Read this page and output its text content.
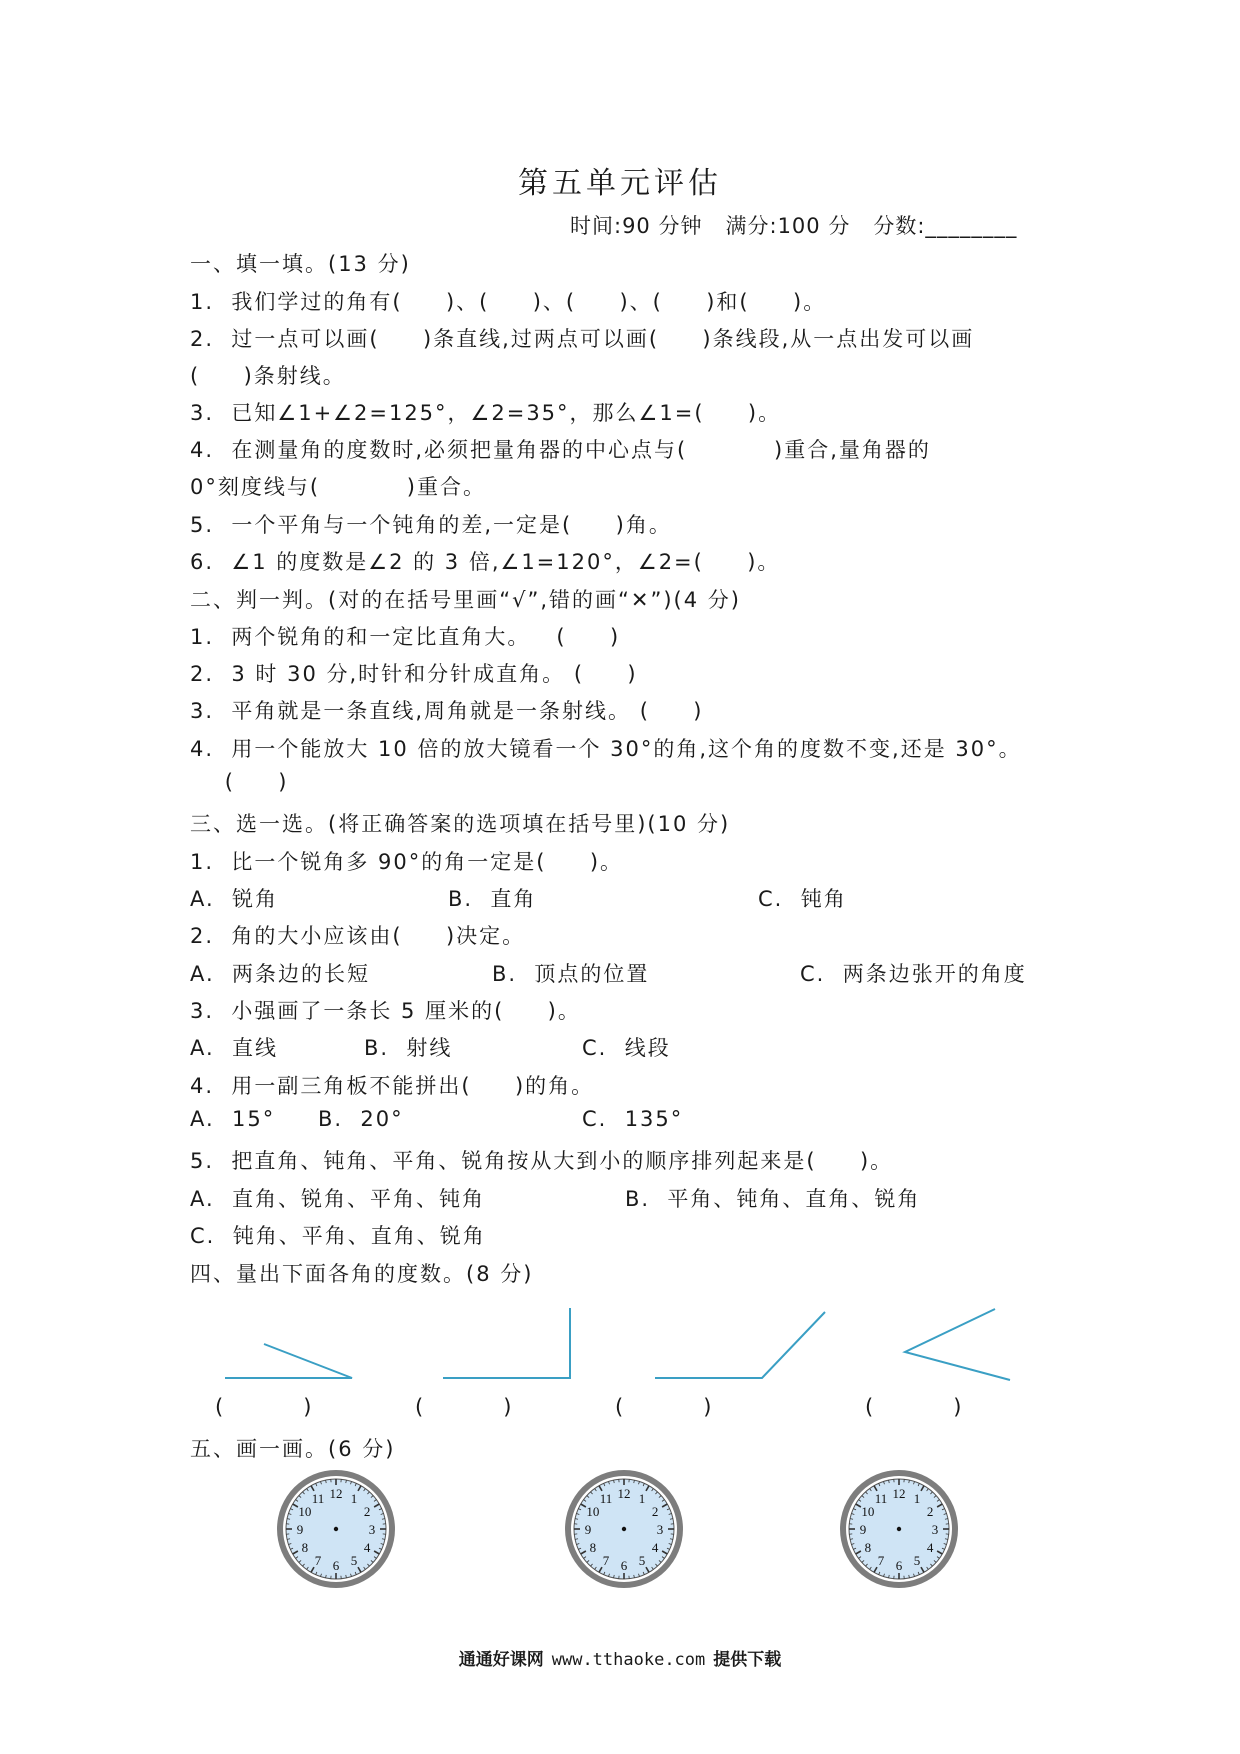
第五单元评估
时间:90 分钟   满分:100 分   分数:________
一、填一填。(13 分)
1.  我们学过的角有(     )、(     )、(     )、(     )和(     )。
2.  过一点可以画(     )条直线,过两点可以画(     )条线段,从一点出发可以画
(     )条射线。
3.  已知∠1+∠2=125°，∠2=35°，那么∠1=(     )。
4.  在测量角的度数时,必须把量角器的中心点与(          )重合,量角器的
0°刻度线与(          )重合。
5.  一个平角与一个钝角的差,一定是(     )角。
6.  ∠1 的度数是∠2 的 3 倍,∠1=120°，∠2=(     )。
二、判一判。(对的在括号里画“√”,错的画“✕”)(4 分)
1.  两个锐角的和一定比直角大。   (     )
2.  3 时 30 分,时针和分针成直角。 (     )
3.  平角就是一条直线,周角就是一条射线。 (     )
4.  用一个能放大 10 倍的放大镜看一个 30°的角,这个角的度数不变,还是 30°。
(     )
三、选一选。(将正确答案的选项填在括号里)(10 分)
1.  比一个锐角多 90°的角一定是(     )。
A.  锐角	B.  直角	C.  钝角
2.  角的大小应该由(     )决定。
A.  两条边的长短	B.  顶点的位置	C.  两条边张开的角度
3.  小强画了一条长 5 厘米的(     )。
A.  直线	B.  射线	C.  线段
4.  用一副三角板不能拼出(     )的角。
A.  15° B.  20°	C.  135°
5.  把直角、钝角、平角、锐角按从大到小的顺序排列起来是(     )。
A.  直角、锐角、平角、钝角	B.  平角、钝角、直角、锐角
C.  钝角、平角、直角、锐角
四、量出下面各角的度数。(8 分)
(         )	(         )	(         )	(         )
五、画一画。(6 分)
12 1
2
3
4
5
6
7
8
9
10
11	12 1
2
3
4
5
6
7
8
9
10
11	12 1
2
3
4
5
6
7
8
9
10
11
通通好课网 www.tthaoke.com 提供下载
